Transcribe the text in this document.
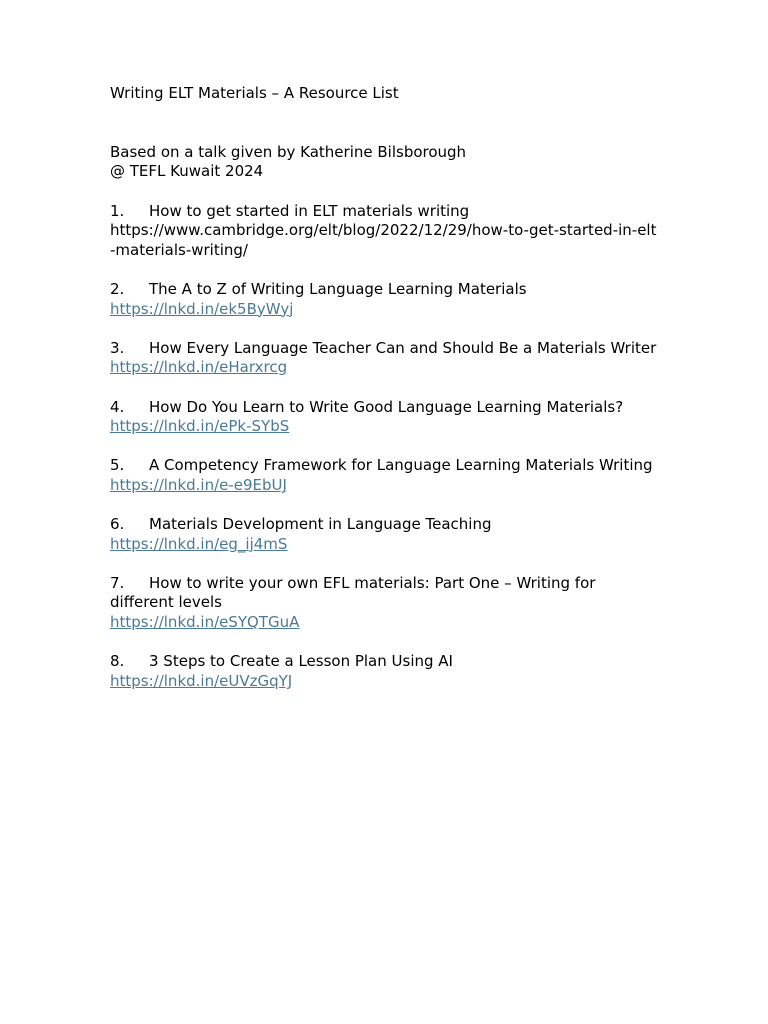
Writing ELT Materials – A Resource List

Based on a talk given by Katherine Bilsborough

@ TEFL Kuwait 2024

1. How to get started in ELT materials writing

https://www.cambridge.org/elt/blog/2022/12/29/how-to-get-started-in-elt-materials-writing/

2. The A to Z of Writing Language Learning Materials

https://lnkd.in/ek5ByWyj

3. How Every Language Teacher Can and Should Be a Materials Writer

https://lnkd.in/eHarxrcg

4. How Do You Learn to Write Good Language Learning Materials?

https://lnkd.in/ePk-SYbS

5. A Competency Framework for Language Learning Materials Writing

https://lnkd.in/e-e9EbUJ

6. Materials Development in Language Teaching

https://lnkd.in/eg_ij4mS

7. How to write your own EFL materials: Part One – Writing for different levels

https://lnkd.in/eSYQTGuA

8. 3 Steps to Create a Lesson Plan Using AI

https://lnkd.in/eUVzGqYJ
